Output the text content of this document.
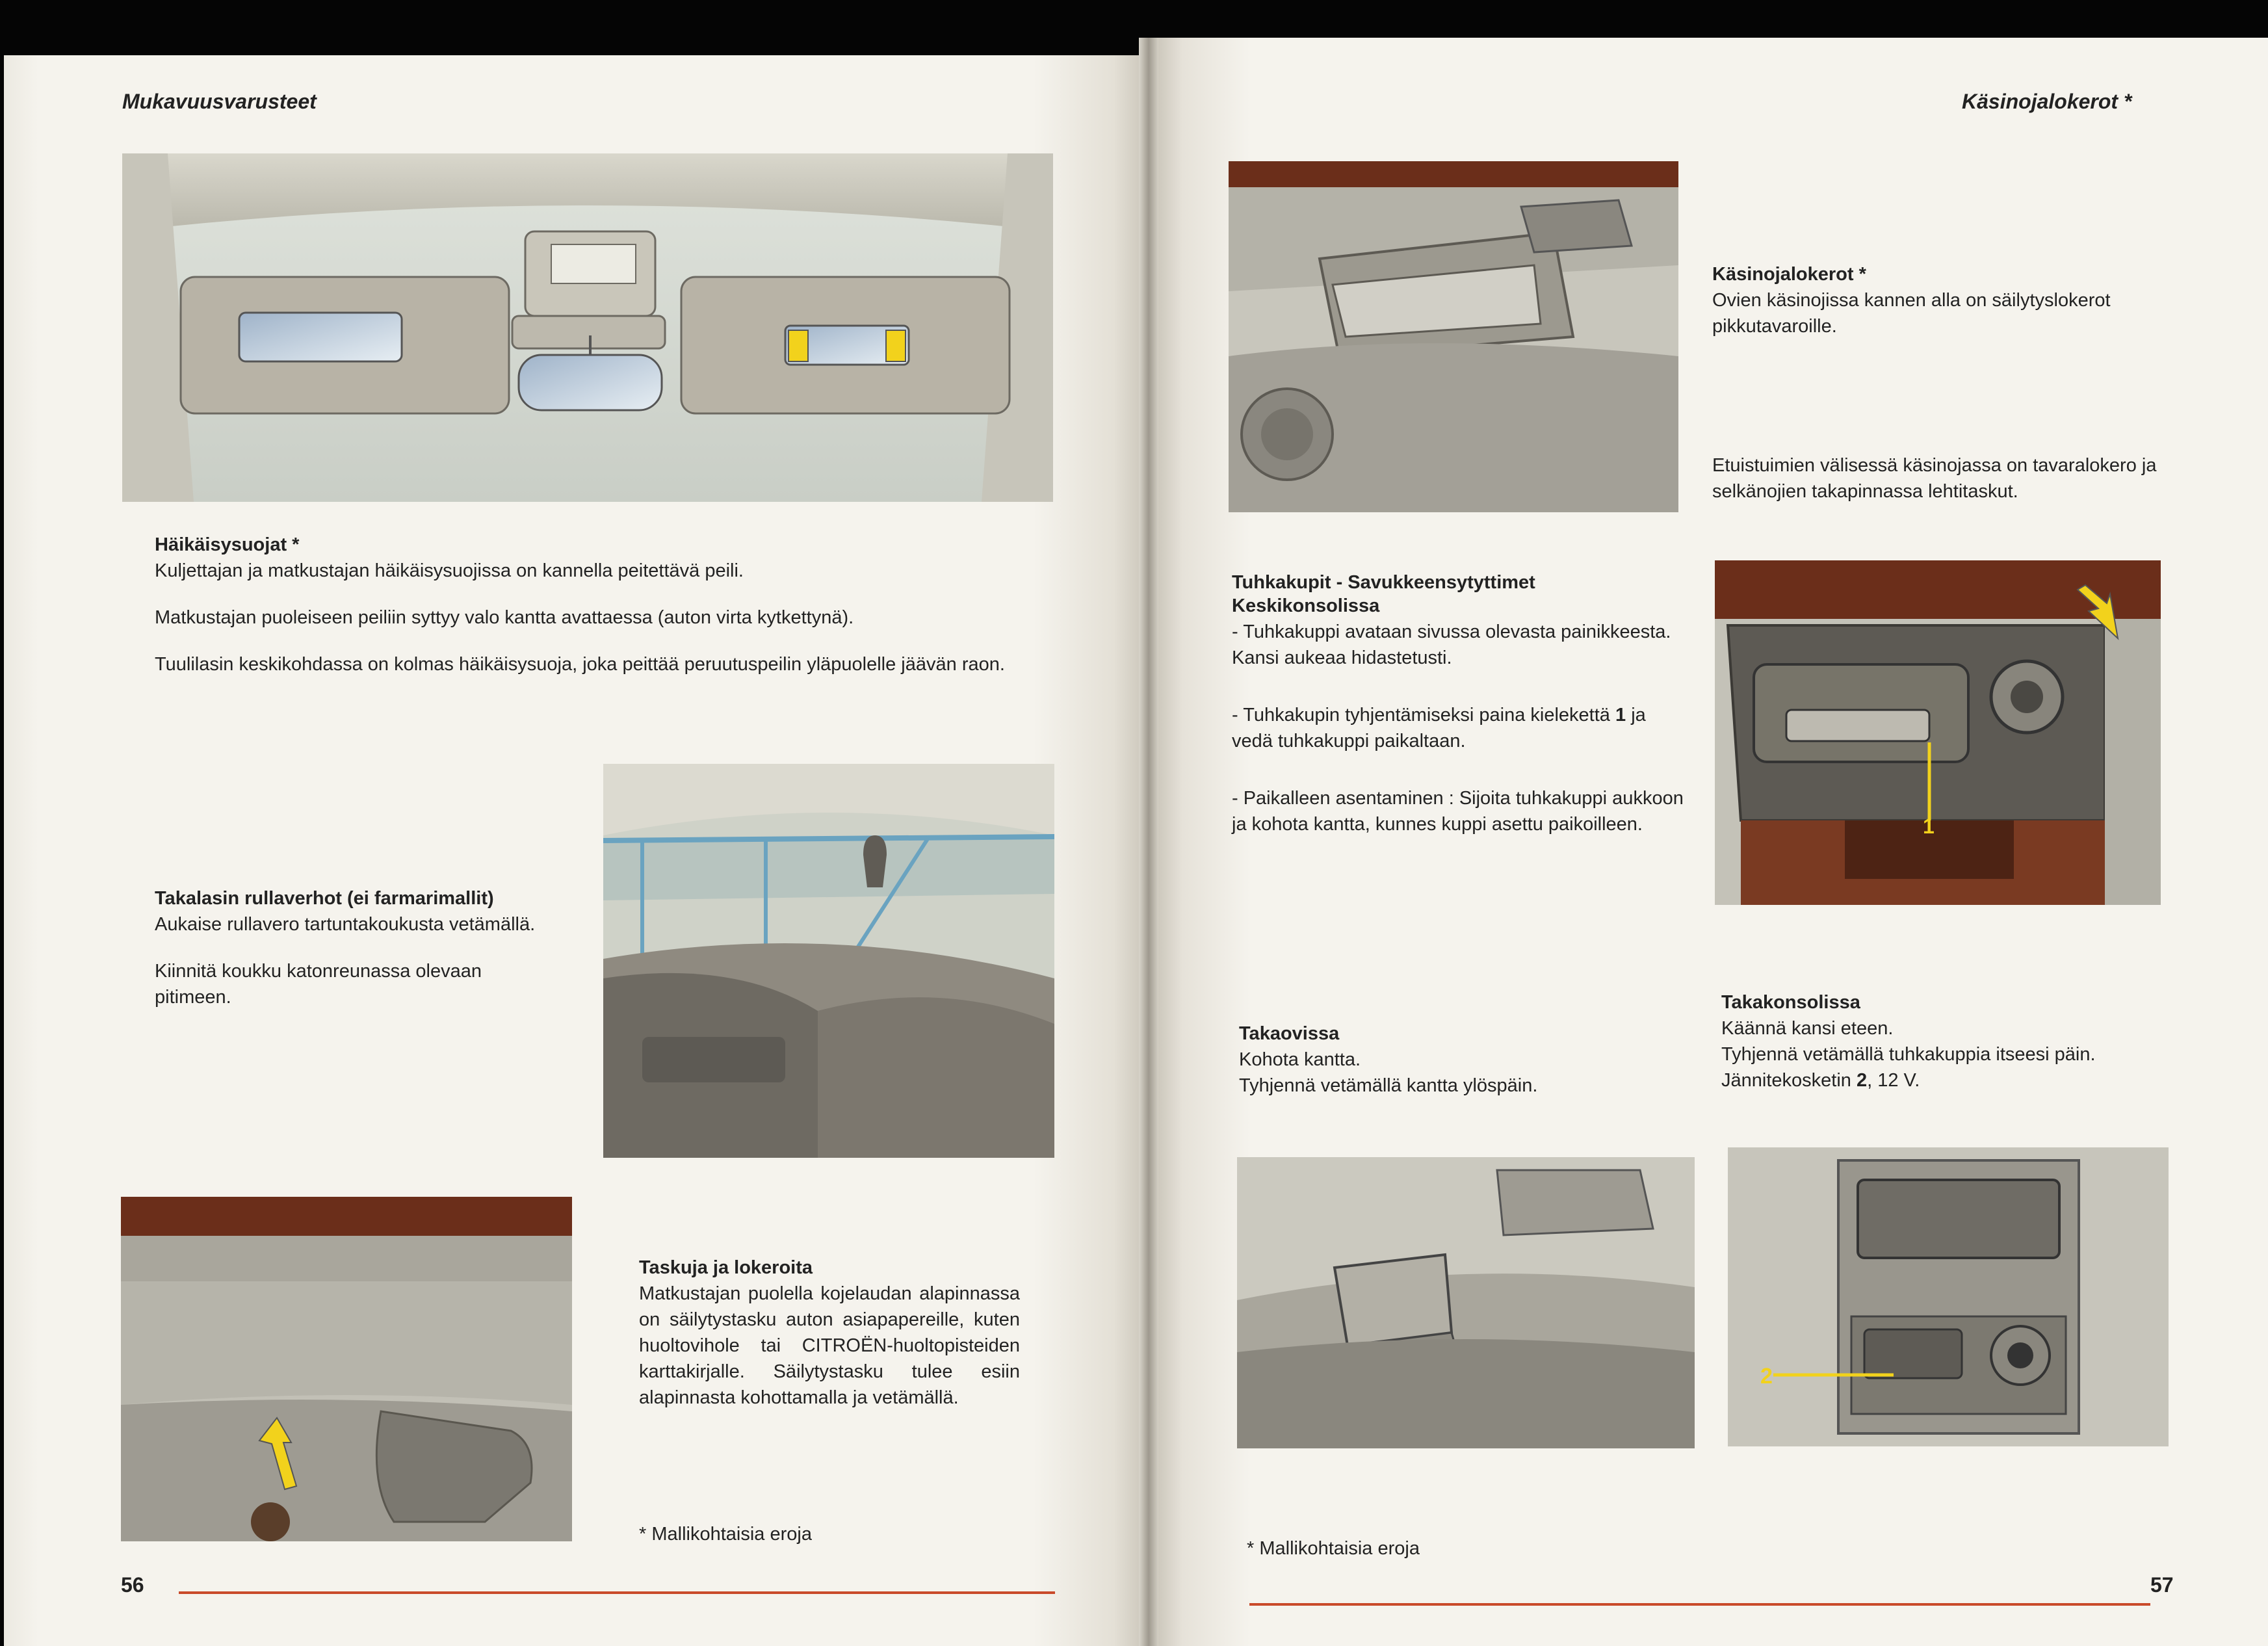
Mukavuusvarusteet

Häikäisysuojat *

Kuljettajan ja matkustajan häikäisysuojissa on kannella peitettävä peili.

Matkustajan puoleiseen peiliin syttyy valo kantta avattaessa (auton virta kytkettynä).

Tuulilasin keskikohdassa on kolmas häikäisysuoja, joka peittää peruutuspeilin yläpuolelle jäävän raon.

Takalasin rullaverhot (ei farmarimallit)

Aukaise rullavero tartuntakoukusta vetämällä.

Kiinnitä koukku katonreunassa olevaan pitimeen.

Taskuja ja lokeroita

Matkustajan puolella kojelaudan alapinnassa on säilytystasku auton asiapapereille, kuten huoltovihole tai CITROËN-huoltopisteiden karttakirjalle. Säilytystasku tulee esiin alapinnasta kohottamalla ja vetämällä.

* Mallikohtaisia eroja
56
Käsinojalokerot *

Käsinojalokerot *

Ovien käsinojissa kannen alla on säilytyslokerot pikkutavaroille.

Etuistuimien välisessä käsinojassa on tavaralokero ja selkänojien takapinnassa lehtitaskut.

Tuhkakupit - Savukkeensytyttimet

Keskikonsolissa

- Tuhkakuppi avataan sivussa olevasta painikkeesta. Kansi aukeaa hidastetusti.

- Tuhkakupin tyhjentämiseksi paina kielekettä 1 ja vedä tuhkakuppi paikaltaan.

- Paikalleen asentaminen : Sijoita tuhkakuppi aukkoon ja kohota kantta, kunnes kuppi asettu paikoilleen.	1

Takaovissa

Kohota kantta.

Tyhjennä vetämällä kantta ylöspäin.

Takakonsolissa

Käännä kansi eteen.

Tyhjennä vetämällä tuhkakuppia itseesi päin.

Jännitekosketin 2, 12 V.

2
* Mallikohtaisia eroja
57
